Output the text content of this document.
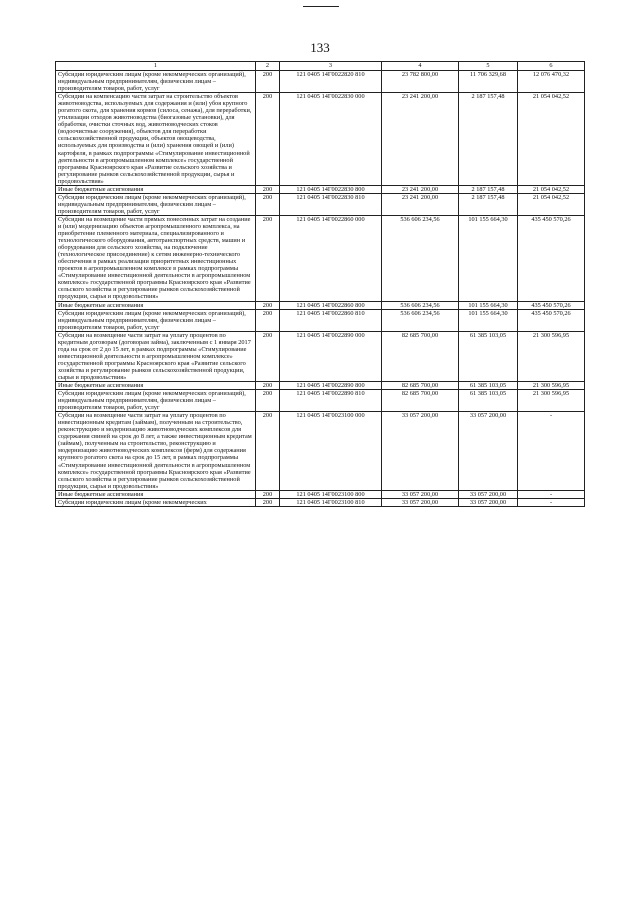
133
1	2	3	4	5	6
Субсидии юридическим лицам (кроме некоммерческих организаций), индивидуальным предпринимателям, физическим лицам – производителям товаров, работ, услуг	200	121 0405 14Г0022820 810	23 782 800,00	11 706 329,68	12 076 470,32
Субсидии на компенсацию части затрат на строительство объектов животноводства, используемых для содержания и (или) убоя крупного рогатого скота, для хранения кормов (силоса, сенажа), для переработки, утилизации отходов животноводства (биогазовые установки), для обработки, очистки сточных вод, животноводческих стоков (водоочистные сооружения), объектов для переработки сельскохозяйственной продукции, объектов овощеводства, используемых для производства и (или) хранения овощей и (или) картофеля, в рамках подпрограммы «Стимулирование инвестиционной деятельности в агропромышленном комплексе» государственной программы Красноярского края «Развитие сельского хозяйства и регулирование рынков сельскохозяйственной продукции, сырья и продовольствия»	200	121 0405 14Г0022830 000	23 241 200,00	2 187 157,48	21 054 042,52
Иные бюджетные ассигнования	200	121 0405 14Г0022830 800	23 241 200,00	2 187 157,48	21 054 042,52
Субсидии юридическим лицам (кроме некоммерческих организаций), индивидуальным предпринимателям, физическим лицам – производителям товаров, работ, услуг	200	121 0405 14Г0022830 810	23 241 200,00	2 187 157,48	21 054 042,52
Субсидии на возмещение части прямых понесенных затрат на создание и (или) модернизацию объектов агропромышленного комплекса, на приобретение племенного материала, специализированного и технологического оборудования, автотранспортных средств, машин и оборудования для сельского хозяйства, на подключение (технологическое присоединение) к сетям инженерно-технического обеспечения в рамках реализации приоритетных инвестиционных проектов в агропромышленном комплексе в рамках подпрограммы «Стимулирование инвестиционной деятельности в агропромышленном комплексе» государственной программы Красноярского края «Развитие сельского хозяйства и регулирование рынков сельскохозяйственной продукции, сырья и продовольствия»	200	121 0405 14Г0022860 000	536 606 234,56	101 155 664,30	435 450 570,26
Иные бюджетные ассигнования	200	121 0405 14Г0022860 800	536 606 234,56	101 155 664,30	435 450 570,26
Субсидии юридическим лицам (кроме некоммерческих организаций), индивидуальным предпринимателям, физическим лицам – производителям товаров, работ, услуг	200	121 0405 14Г0022860 810	536 606 234,56	101 155 664,30	435 450 570,26
Субсидии на возмещение части затрат на уплату процентов по кредитным договорам (договорам займа), заключенным с 1 января 2017 года на срок от 2 до 15 лет, в рамках подпрограммы «Стимулирование инвестиционной деятельности в агропромышленном комплексе» государственной программы Красноярского края «Развитие сельского хозяйства и регулирование рынков сельскохозяйственной продукции, сырья и продовольствия»	200	121 0405 14Г0022890 000	82 685 700,00	61 385 103,05	21 300 596,95
Иные бюджетные ассигнования	200	121 0405 14Г0022890 800	82 685 700,00	61 385 103,05	21 300 596,95
Субсидии юридическим лицам (кроме некоммерческих организаций), индивидуальным предпринимателям, физическим лицам – производителям товаров, работ, услуг	200	121 0405 14Г0022890 810	82 685 700,00	61 385 103,05	21 300 596,95
Субсидии на возмещение части затрат на уплату процентов по инвестиционным кредитам (займам), полученным на строительство, реконструкцию и модернизацию животноводческих комплексов для содержания свиней на срок до 8 лет, а также инвестиционным кредитам (займам), полученным на строительство, реконструкцию и модернизацию животноводческих комплексов (ферм) для содержания крупного рогатого скота на срок до 15 лет, в рамках подпрограммы «Стимулирование инвестиционной деятельности в агропромышленном комплексе» государственной программы Красноярского края «Развитие сельского хозяйства и регулирование рынков сельскохозяйственной продукции, сырья и продовольствия»	200	121 0405 14Г0023100 000	33 057 200,00	33 057 200,00	-
Иные бюджетные ассигнования	200	121 0405 14Г0023100 800	33 057 200,00	33 057 200,00	-
Субсидии юридическим лицам (кроме некоммерческих	200	121 0405 14Г0023100 810	33 057 200,00	33 057 200,00	-
